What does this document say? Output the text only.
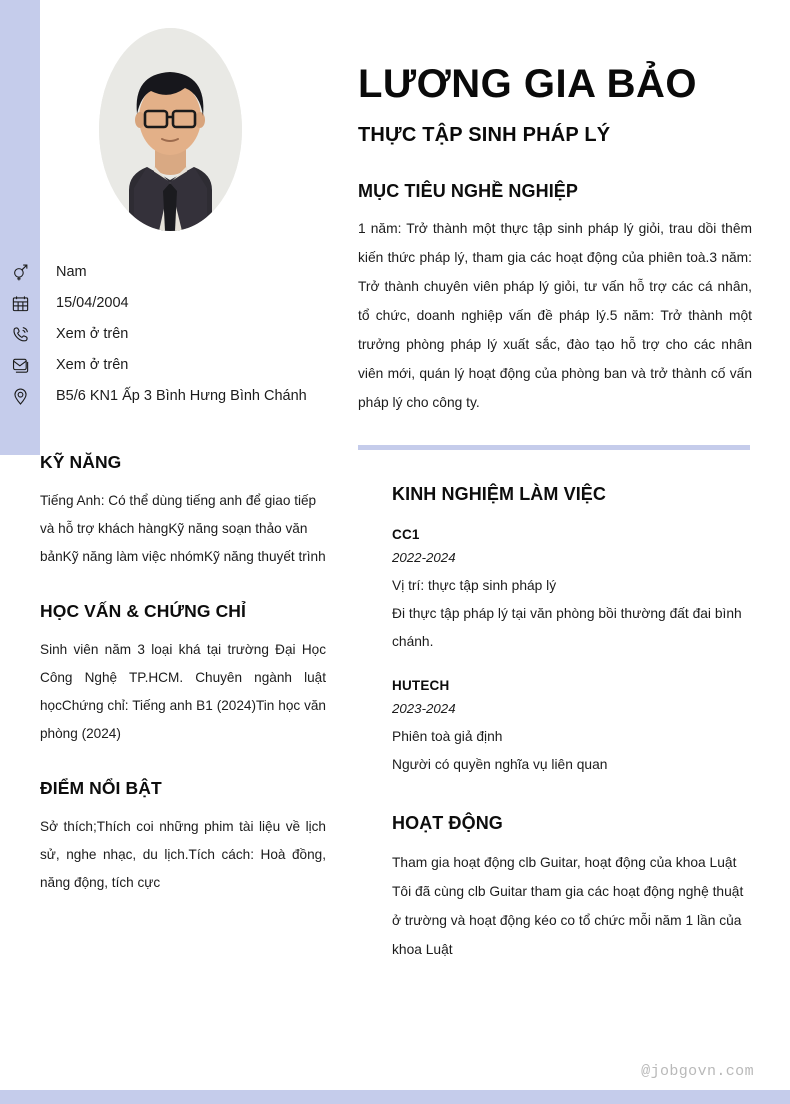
Nam
15/04/2004
Xem ở trên
Xem ở trên
B5/6 KN1 Ấp 3 Bình Hưng Bình Chánh
KỸ NĂNG

Tiếng Anh: Có thể dùng tiếng anh để giao tiếp và hỗ trợ khách hàngKỹ năng soạn thảo văn bảnKỹ năng làm việc nhómKỹ năng thuyết trình

HỌC VẤN & CHỨNG CHỈ

Sinh viên năm 3 loại khá tại trường Đại Học Công Nghệ TP.HCM. Chuyên ngành luật họcChứng chỉ: Tiếng anh B1 (2024)Tin học văn phòng (2024)

ĐIỂM NỔI BẬT

Sở thích;Thích coi những phim tài liệu về lịch sử, nghe nhạc, du lịch.Tích cách: Hoà đồng, năng động, tích cực

LƯƠNG GIA BẢO
THỰC TẬP SINH PHÁP LÝ
MỤC TIÊU NGHỀ NGHIỆP

1 năm: Trở thành một thực tập sinh pháp lý giỏi, trau dồi thêm kiến thức pháp lý, tham gia các hoạt động của phiên toà.3 năm: Trở thành chuyên viên pháp lý giỏi, tư vấn hỗ trợ các cá nhân, tổ chức, doanh nghiệp vấn đề pháp lý.5 năm: Trở thành một trưởng phòng pháp lý xuất sắc, đào tạo hỗ trợ cho các nhân viên mới, quán lý hoạt động của phòng ban và trở thành cố vấn pháp lý cho công ty.

KINH NGHIỆM LÀM VIỆC

CC1

2022-2024

Vị trí: thực tập sinh pháp lý

Đi thực tập pháp lý tại văn phòng bồi thường đất đai bình chánh.

HUTECH

2023-2024

Phiên toà giả định

Người có quyền nghĩa vụ liên quan

HOẠT ĐỘNG

Tham gia hoạt động clb Guitar, hoạt động của khoa Luật

Tôi đã cùng clb Guitar tham gia các hoạt động nghệ thuật ở trường và hoạt động kéo co tổ chức mỗi năm 1 lần của khoa Luật

@jobgovn.com
